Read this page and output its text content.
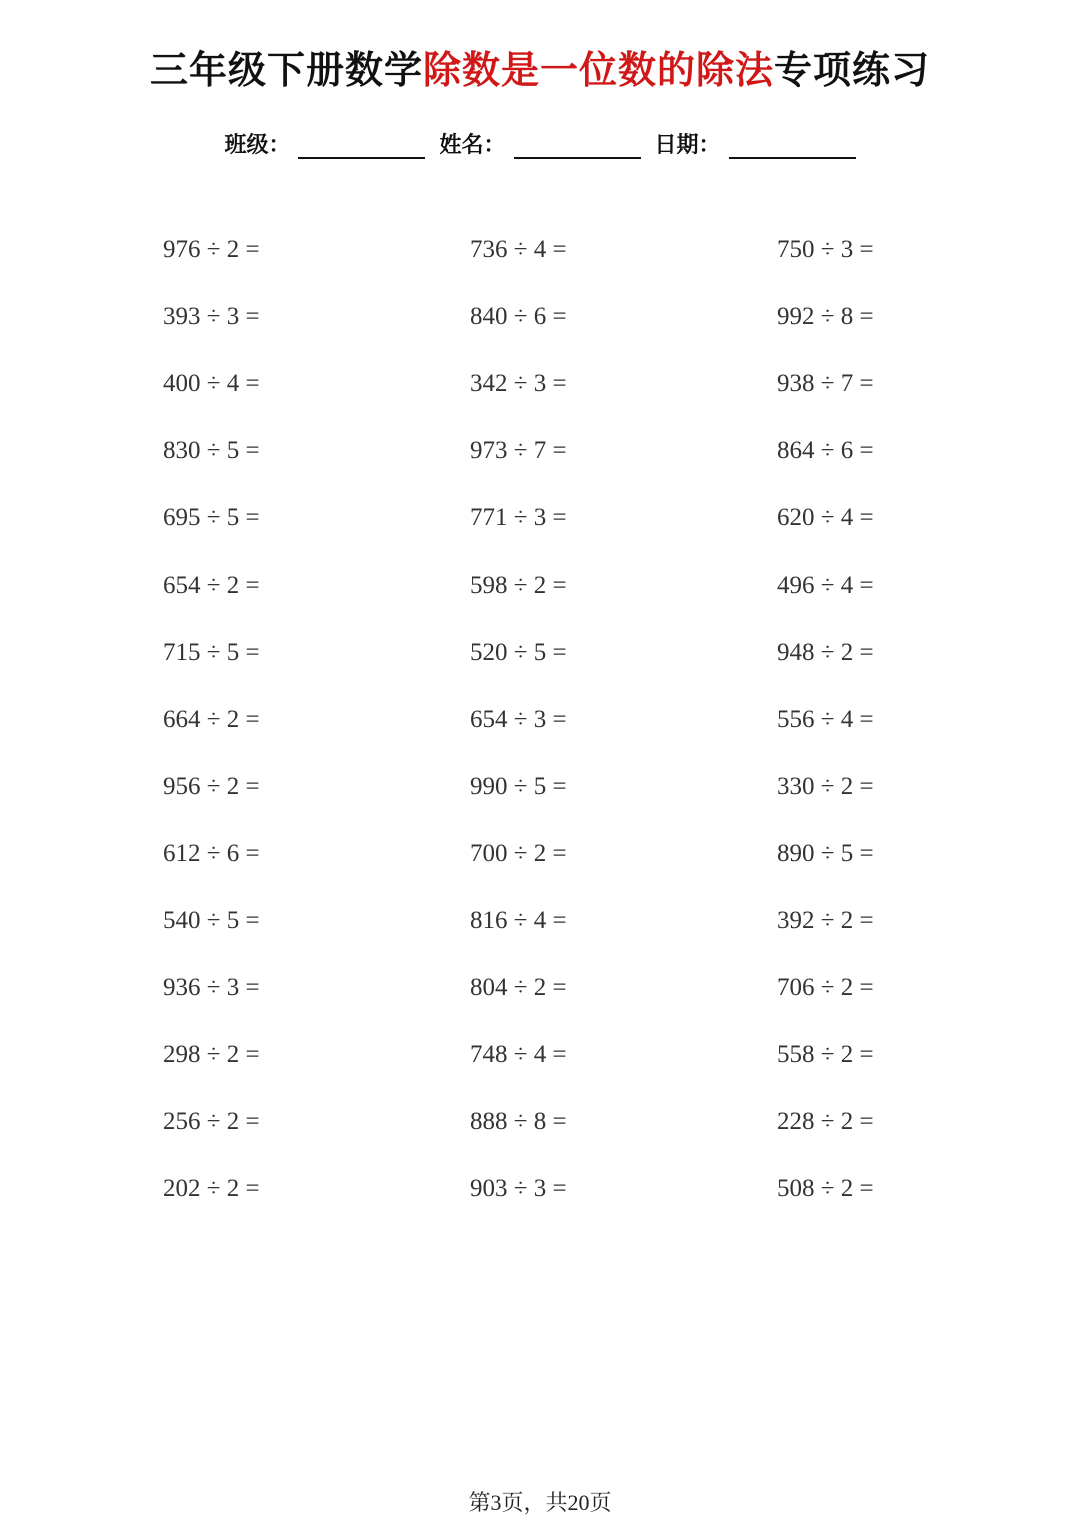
三年级下册数学除数是一位数的除法专项练习
班级：	姓名：	日期：
976 ÷ 2 =	736 ÷ 4 =	750 ÷ 3 =
393 ÷ 3 =	840 ÷ 6 =	992 ÷ 8 =
400 ÷ 4 =	342 ÷ 3 =	938 ÷ 7 =
830 ÷ 5 =	973 ÷ 7 =	864 ÷ 6 =
695 ÷ 5 =	771 ÷ 3 =	620 ÷ 4 =
654 ÷ 2 =	598 ÷ 2 =	496 ÷ 4 =
715 ÷ 5 =	520 ÷ 5 =	948 ÷ 2 =
664 ÷ 2 =	654 ÷ 3 =	556 ÷ 4 =
956 ÷ 2 =	990 ÷ 5 =	330 ÷ 2 =
612 ÷ 6 =	700 ÷ 2 =	890 ÷ 5 =
540 ÷ 5 =	816 ÷ 4 =	392 ÷ 2 =
936 ÷ 3 =	804 ÷ 2 =	706 ÷ 2 =
298 ÷ 2 =	748 ÷ 4 =	558 ÷ 2 =
256 ÷ 2 =	888 ÷ 8 =	228 ÷ 2 =
202 ÷ 2 =	903 ÷ 3 =	508 ÷ 2 =
第3页，共20页
